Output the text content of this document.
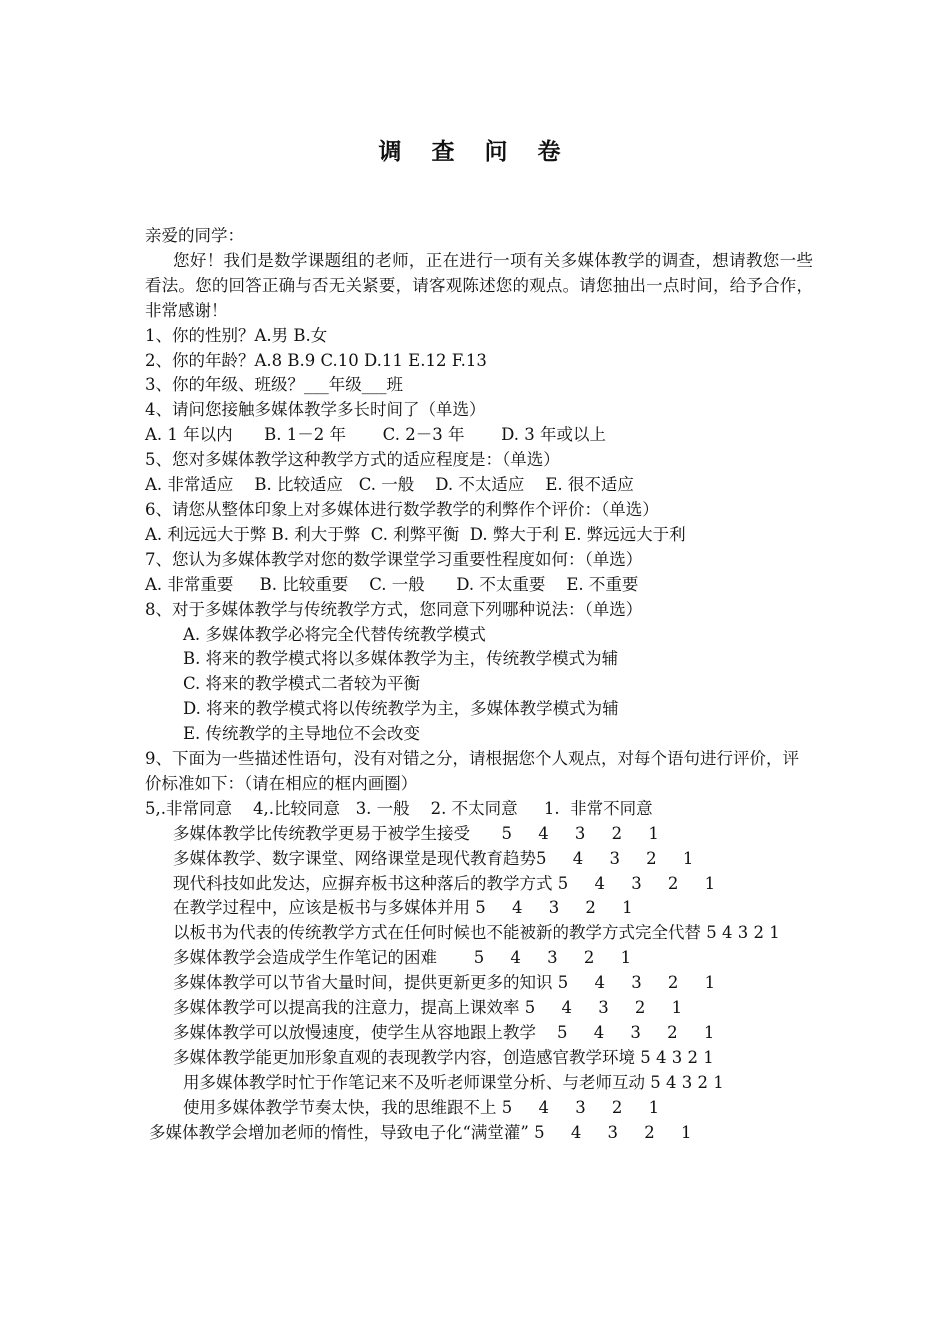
调 查 问 卷
亲爱的同学：
您好！我们是数学课题组的老师，正在进行一项有关多媒体教学的调查，想请教您一些看法。您的回答正确与否无关紧要，请客观陈述您的观点。请您抽出一点时间，给予合作，非常感谢！
1、你的性别？A.男 B.女
2、你的年龄？A.8 B.9 C.10 D.11 E.12 F.13
3、你的年级、班级？___年级___班
4、请问您接触多媒体教学多长时间了（单选）
A. 1 年以内      B. 1－2 年       C. 2－3 年       D. 3 年或以上
5、您对多媒体教学这种教学方式的适应程度是：（单选）
A. 非常适应    B. 比较适应   C. 一般    D. 不太适应    E. 很不适应
6、请您从整体印象上对多媒体进行数学教学的利弊作个评价：（单选）
A. 利远远大于弊 B. 利大于弊  C. 利弊平衡  D. 弊大于利 E. 弊远远大于利
7、您认为多媒体教学对您的数学课堂学习重要性程度如何：（单选）
A. 非常重要     B. 比较重要    C. 一般      D. 不太重要    E. 不重要
8、对于多媒体教学与传统教学方式，您同意下列哪种说法：（单选）
A. 多媒体教学必将完全代替传统教学模式
B. 将来的教学模式将以多媒体教学为主，传统教学模式为辅
C. 将来的教学模式二者较为平衡
D. 将来的教学模式将以传统教学为主，多媒体教学模式为辅
E. 传统教学的主导地位不会改变
9、下面为一些描述性语句，没有对错之分，请根据您个人观点，对每个语句进行评价，评价标准如下：（请在相应的框内画圈）
5,.非常同意    4,.比较同意   3. 一般    2. 不太同意     1.  非常不同意
多媒体教学比传统教学更易于被学生接受      5     4     3     2     1
多媒体教学、数字课堂、网络课堂是现代教育趋势5     4     3     2     1
现代科技如此发达，应摒弃板书这种落后的教学方式 5     4     3     2     1
在教学过程中，应该是板书与多媒体并用 5     4     3     2     1
以板书为代表的传统教学方式在任何时候也不能被新的教学方式完全代替 5 4 3 2 1
多媒体教学会造成学生作笔记的困难       5     4     3     2     1
多媒体教学可以节省大量时间，提供更新更多的知识 5     4     3     2     1
多媒体教学可以提高我的注意力，提高上课效率 5     4     3     2     1
多媒体教学可以放慢速度，使学生从容地跟上教学    5     4     3     2     1
多媒体教学能更加形象直观的表现教学内容，创造感官教学环境 5 4 3 2 1
用多媒体教学时忙于作笔记来不及听老师课堂分析、与老师互动 5 4 3 2 1
使用多媒体教学节奏太快，我的思维跟不上 5     4     3     2     1
多媒体教学会增加老师的惰性，导致电子化“满堂灌” 5     4     3     2     1
